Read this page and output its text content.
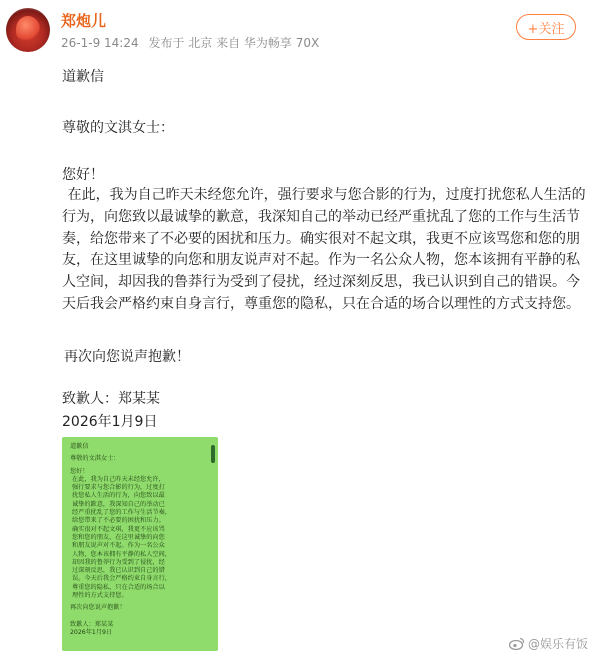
郑炮儿
26-1-9 14:24 发布于 北京 来自 华为畅享 70X
+关注
道歉信
尊敬的文淇女士：
您好！
在此，我为自己昨天未经您允许，强行要求与您合影的行为，过度打扰您私人生活的行为，向您致以最诚挚的歉意，我深知自己的举动已经严重扰乱了您的工作与生活节奏，给您带来了不必要的困扰和压力。确实很对不起文琪，我更不应该骂您和您的朋友，在这里诚挚的向您和朋友说声对不起。作为一名公众人物，您本该拥有平静的私人空间，却因我的鲁莽行为受到了侵扰，经过深刻反思，我已认识到自己的错误。今天后我会严格约束自身言行，尊重您的隐私，只在合适的场合以理性的方式支持您。
再次向您说声抱歉！
致歉人：郑某某
2026年1月9日
道歉信
尊敬的文淇女士：
您好！
在此，我为自己昨天未经您允许，
强行要求与您合影的行为，过度打
扰您私人生活的行为，向您致以最
诚挚的歉意，我深知自己的举动已
经严重扰乱了您的工作与生活节奏，
给您带来了不必要的困扰和压力。
确实很对不起文琪，我更不应该骂
您和您的朋友，在这里诚挚的向您
和朋友说声对不起。作为一名公众
人物，您本该拥有平静的私人空间，
却因我的鲁莽行为受到了侵扰，经
过深刻反思，我已认识到自己的错
误。今天后我会严格约束自身言行，
尊重您的隐私，只在合适的场合以
理性的方式支持您。
再次向您说声抱歉！
致歉人：郑某某
2026年1月9日
@娱乐有饭
